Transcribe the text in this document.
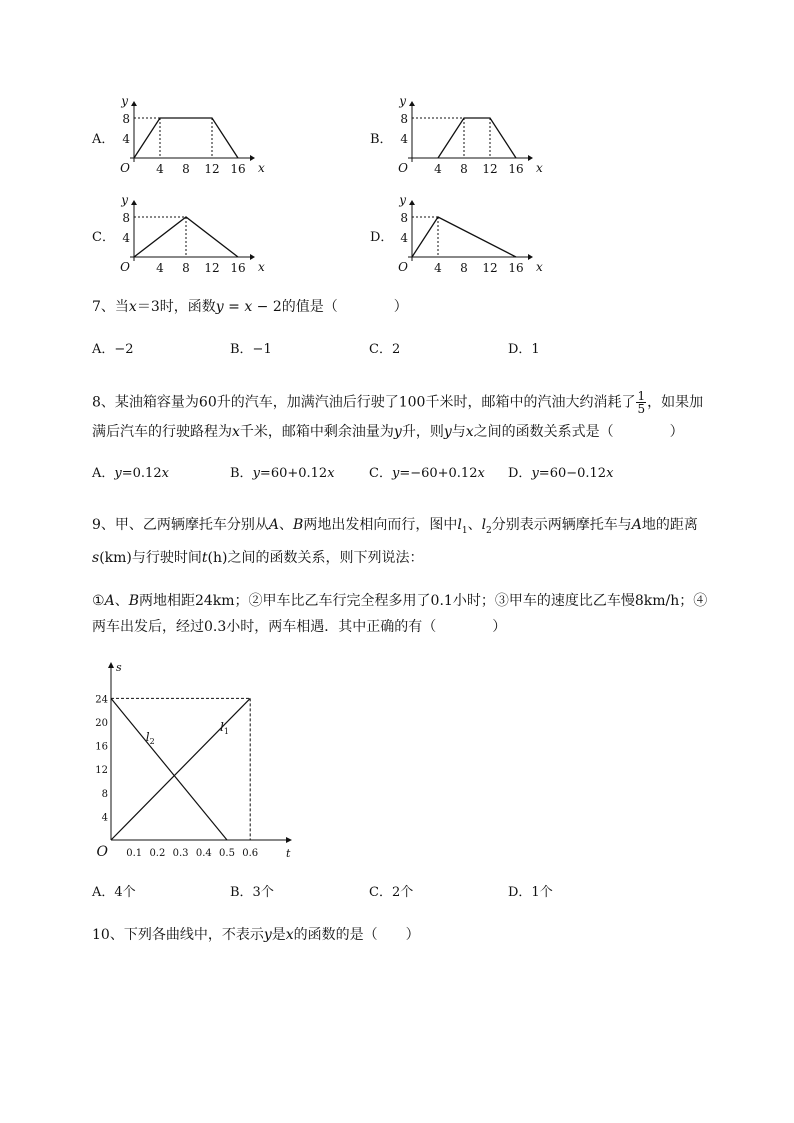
A．
y
x
O 4 8 12 16
4
8
B．
y
x
O 4 8 12 16
4
8
C．
y
x
O 4 8 12 16
4
8
D．
y
x
O 4 8 12 16
4
8
7、当x＝3时，函数y = x − 2的值是（　　　　）
A．−2	B．−1	C．2	D．1
8、某油箱容量为60升的汽车，加满汽油后行驶了100千米时，邮箱中的汽油大约消耗了 $\frac{1}{5}$ ，如果加
满后汽车的行驶路程为x千米，邮箱中剩余油量为y升，则y与x之间的函数关系式是（　　　　）
A．y=0.12x	B．y=60+0.12x	C．y=−60+0.12x D．y=60−0.12x
9、甲、乙两辆摩托车分别从A、B两地出发相向而行，图中$l_1$、$l_2$分别表示两辆摩托车与A地的距离
s(km)与行驶时间t(h)之间的函数关系，则下列说法：
①A、B两地相距24km；②甲车比乙车行完全程多用了0.1小时；③甲车的速度比乙车慢8km/h；④
两车出发后，经过0.3小时，两车相遇．其中正确的有（　　　　）
s
t
O 0.1 0.2 0.3 0.4 0.5 0.6
4
8
12
16
20
24
$l_1$
$l_2$
A．4个	B．3个	C．2个	D．1个
10、下列各曲线中，不表示y是x的函数的是（　　）
